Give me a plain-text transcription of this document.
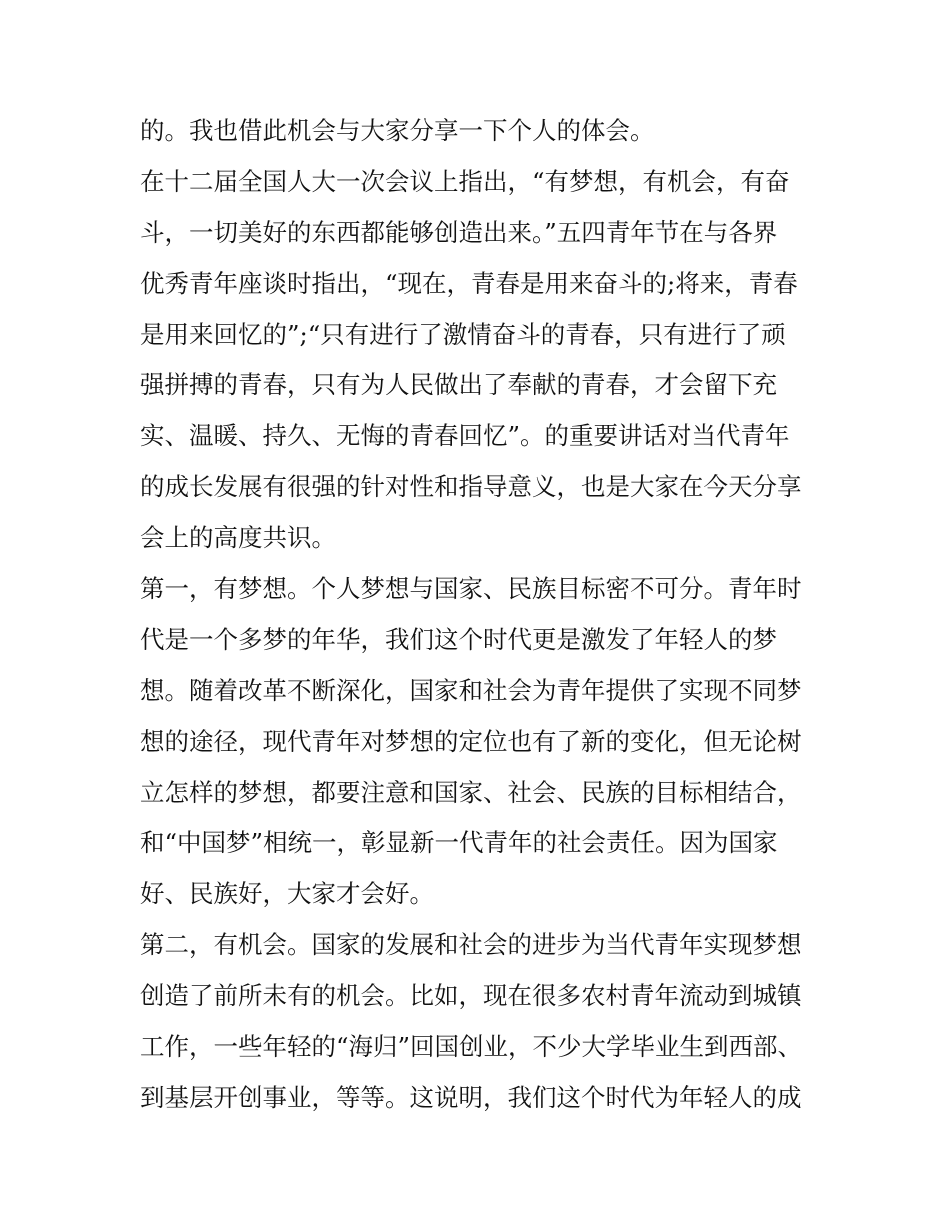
的。我也借此机会与大家分享一下个人的体会。
在十二届全国人大一次会议上指出，“有梦想，有机会，有奋
斗，一切美好的东西都能够创造出来。”五四青年节在与各界
优秀青年座谈时指出，“现在，青春是用来奋斗的;将来，青春
是用来回忆的”;“只有进行了激情奋斗的青春，只有进行了顽
强拼搏的青春，只有为人民做出了奉献的青春，才会留下充
实、温暖、持久、无悔的青春回忆”。的重要讲话对当代青年
的成长发展有很强的针对性和指导意义，也是大家在今天分享
会上的高度共识。
第一，有梦想。个人梦想与国家、民族目标密不可分。青年时
代是一个多梦的年华，我们这个时代更是激发了年轻人的梦
想。随着改革不断深化，国家和社会为青年提供了实现不同梦
想的途径，现代青年对梦想的定位也有了新的变化，但无论树
立怎样的梦想，都要注意和国家、社会、民族的目标相结合，
和“中国梦”相统一，彰显新一代青年的社会责任。因为国家
好、民族好，大家才会好。
第二，有机会。国家的发展和社会的进步为当代青年实现梦想
创造了前所未有的机会。比如，现在很多农村青年流动到城镇
工作，一些年轻的“海归”回国创业，不少大学毕业生到西部、
到基层开创事业，等等。这说明，我们这个时代为年轻人的成
